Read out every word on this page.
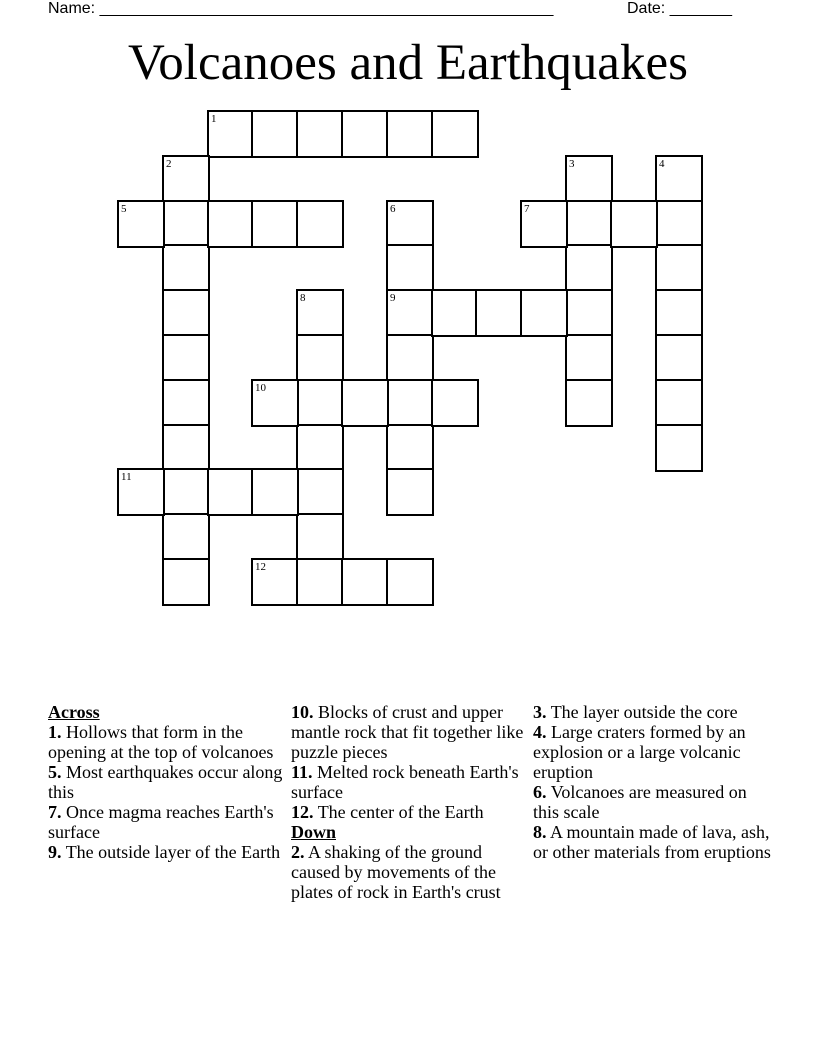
Name: ___________________________________________________	Date: _______
Volcanoes and Earthquakes
1
2	3	4
5	6
9
7
8
10
11
12
Across

1. Hollows that form in the opening at the top of volcanoes

5. Most earthquakes occur along this

7. Once magma reaches Earth's surface

9. The outside layer of the Earth

10. Blocks of crust and upper mantle rock that fit together like puzzle pieces

11. Melted rock beneath Earth's surface

12. The center of the Earth

Down

2. A shaking of the ground caused by movements of the plates of rock in Earth's crust

3. The layer outside the core

4. Large craters formed by an explosion or a large volcanic eruption

6. Volcanoes are measured on this scale

8. A mountain made of lava, ash, or other materials from eruptions
